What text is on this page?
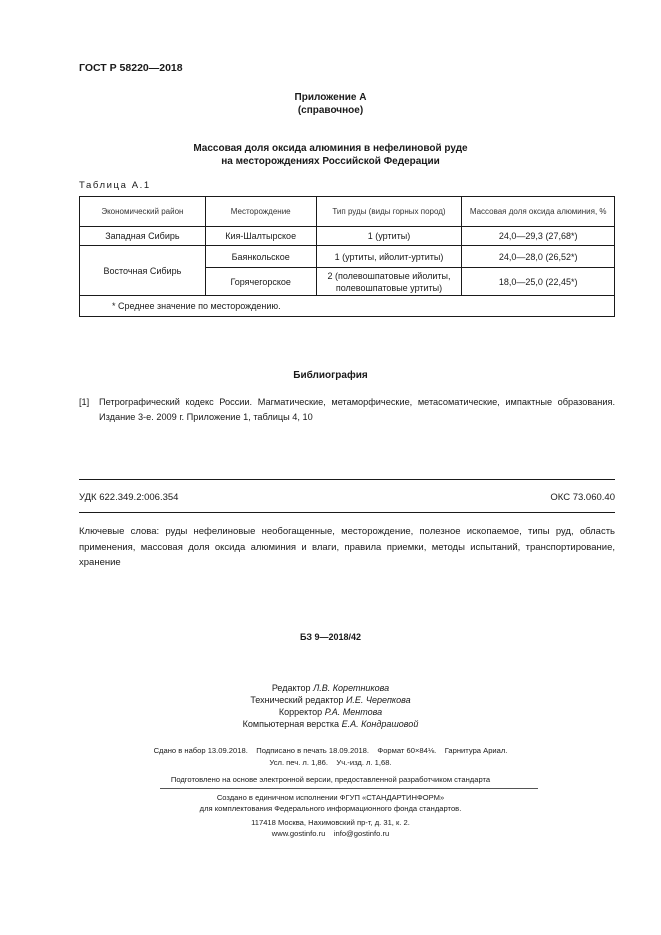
ГОСТ Р 58220—2018
Приложение А
(справочное)
Массовая доля оксида алюминия в нефелиновой руде
на месторождениях Российской Федерации
Таблица А.1
Экономический район	Месторождение	Тип руды (виды горных пород)	Массовая доля оксида алюминия, %
Западная Сибирь	Кия-Шалтырское	1 (уртиты)	24,0—29,3 (27,68*)
Восточная Сибирь	Баянкольское	1 (уртиты, ийолит-уртиты)	24,0—28,0 (26,52*)
	Горячегорское	2 (полевошпатовые ийолиты,
полевошпатовые уртиты)	18,0—25,0 (22,45*)
* Среднее значение по месторождению.			
Библиография
[1] Петрографический кодекс России. Магматические, метаморфические, метасоматические, импактные образования. Издание 3-е. 2009 г. Приложение 1, таблицы 4, 10
УДК 622.349.2:006.354	ОКС 73.060.40
Ключевые слова: руды нефелиновые необогащенные, месторождение, полезное ископаемое, типы руд, область применения, массовая доля оксида алюминия и влаги, правила приемки, методы испытаний, транспортирование, хранение
БЗ 9—2018/42
Редактор Л.В. Коретникова
Технический редактор И.Е. Черепкова
Корректор Р.А. Ментова
Компьютерная верстка Е.А. Кондрашовой
Сдано в набор 13.09.2018.    Подписано в печать 18.09.2018.    Формат 60×84⅛.    Гарнитура Ариал.
Усл. печ. л. 1,86.    Уч.-изд. л. 1,68.
Подготовлено на основе электронной версии, предоставленной разработчиком стандарта
Создано в единичном исполнении ФГУП «СТАНДАРТИНФОРМ»
для комплектования Федерального информационного фонда стандартов.
117418 Москва, Нахимовский пр-т, д. 31, к. 2.
www.gostinfo.ru info@gostinfo.ru
